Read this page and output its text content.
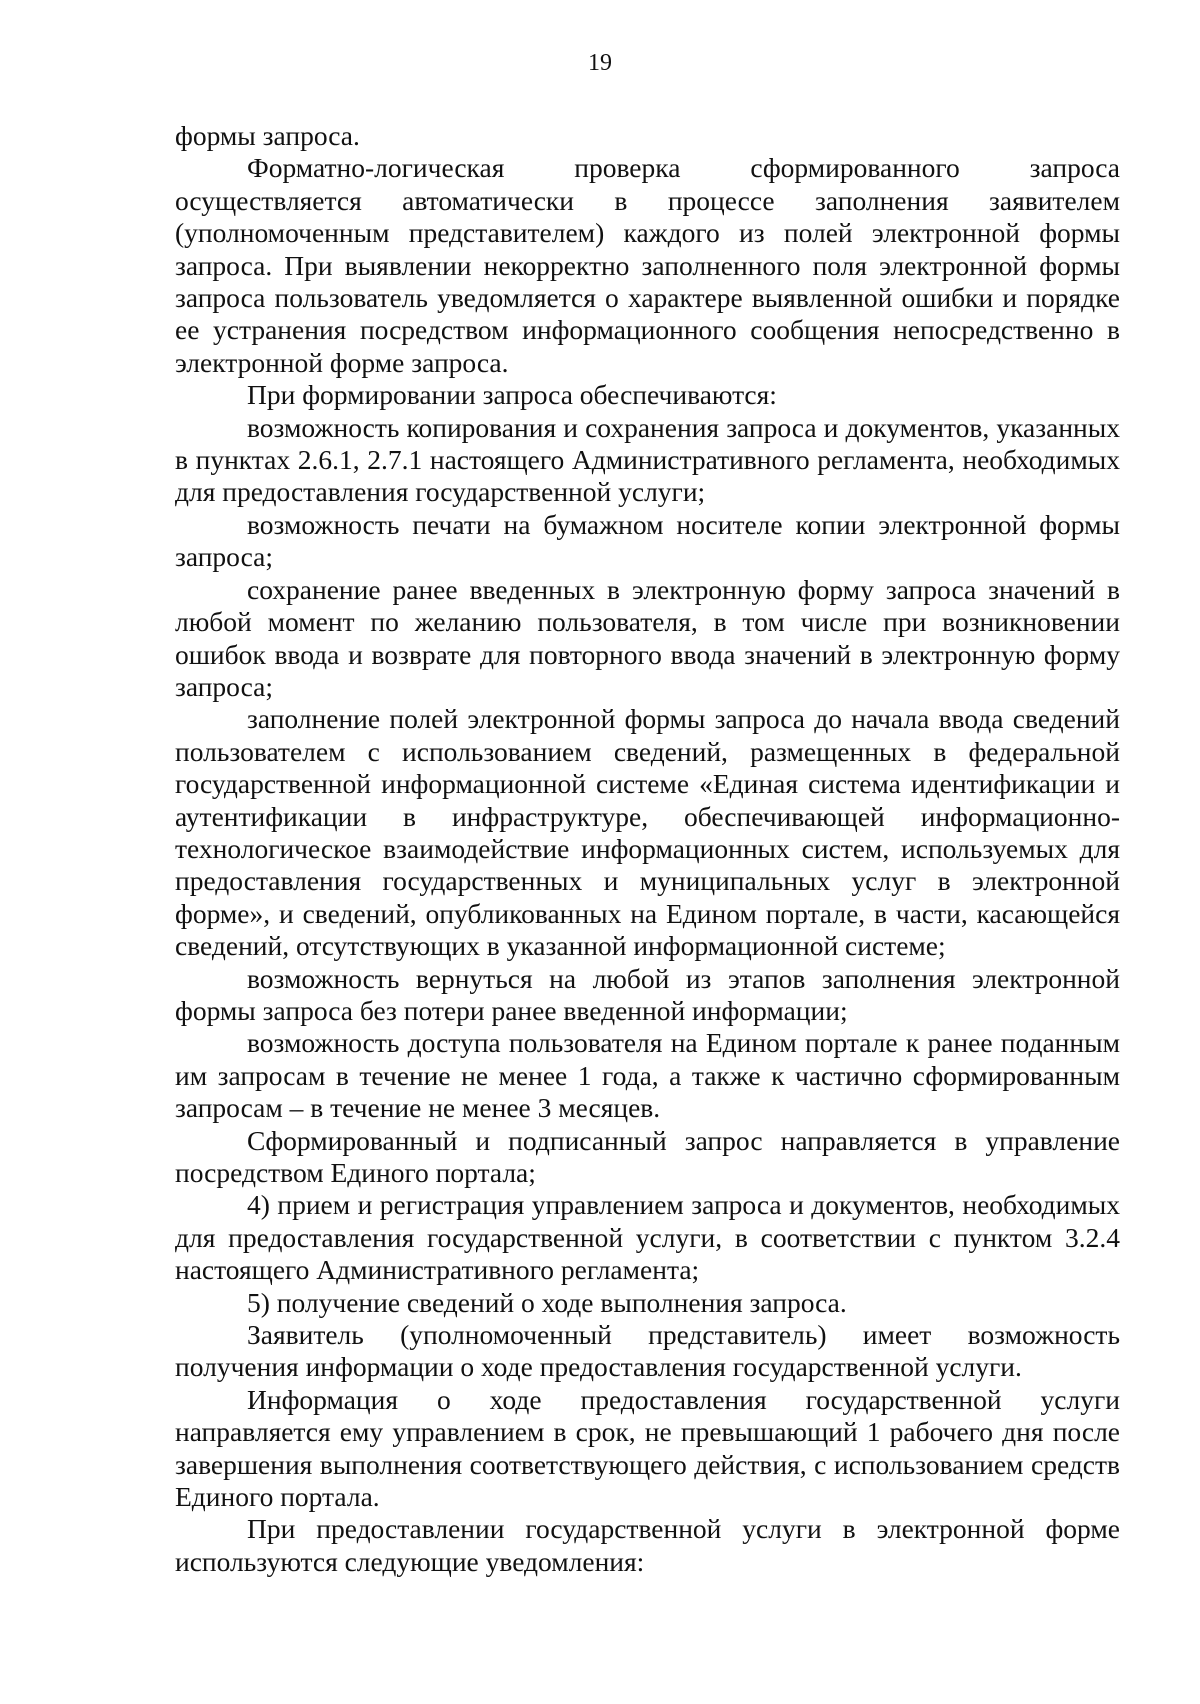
19

формы запроса.

Форматно-логическая проверка сформированного запроса осуществляется автоматически в процессе заполнения заявителем (уполномоченным представителем) каждого из полей электронной формы запроса. При выявлении некорректно заполненного поля электронной формы запроса пользователь уведомляется о характере выявленной ошибки и порядке ее устранения посредством информационного сообщения непосредственно в электронной форме запроса.

При формировании запроса обеспечиваются:

возможность копирования и сохранения запроса и документов, указанных в пунктах 2.6.1, 2.7.1 настоящего Административного регламента, необходимых для предоставления государственной услуги;

возможность печати на бумажном носителе копии электронной формы запроса;

сохранение ранее введенных в электронную форму запроса значений в любой момент по желанию пользователя, в том числе при возникновении ошибок ввода и возврате для повторного ввода значений в электронную форму запроса;

заполнение полей электронной формы запроса до начала ввода сведений пользователем с использованием сведений, размещенных в федеральной государственной информационной системе «Единая система идентификации и аутентификации в инфраструктуре, обеспечивающей информационно-технологическое взаимодействие информационных систем, используемых для предоставления государственных и муниципальных услуг в электронной форме», и сведений, опубликованных на Едином портале, в части, касающейся сведений, отсутствующих в указанной информационной системе;

возможность вернуться на любой из этапов заполнения электронной формы запроса без потери ранее введенной информации;

возможность доступа пользователя на Едином портале к ранее поданным им запросам в течение не менее 1 года, а также к частично сформированным запросам – в течение не менее 3 месяцев.

Сформированный и подписанный запрос направляется в управление посредством Единого портала;

4) прием и регистрация управлением запроса и документов, необходимых для предоставления государственной услуги, в соответствии с пунктом 3.2.4 настоящего Административного регламента;

5) получение сведений о ходе выполнения запроса.

Заявитель (уполномоченный представитель) имеет возможность получения информации о ходе предоставления государственной услуги.

Информация о ходе предоставления государственной услуги направляется ему управлением в срок, не превышающий 1 рабочего дня после завершения выполнения соответствующего действия, с использованием средств Единого портала.

При предоставлении государственной услуги в электронной форме используются следующие уведомления:
